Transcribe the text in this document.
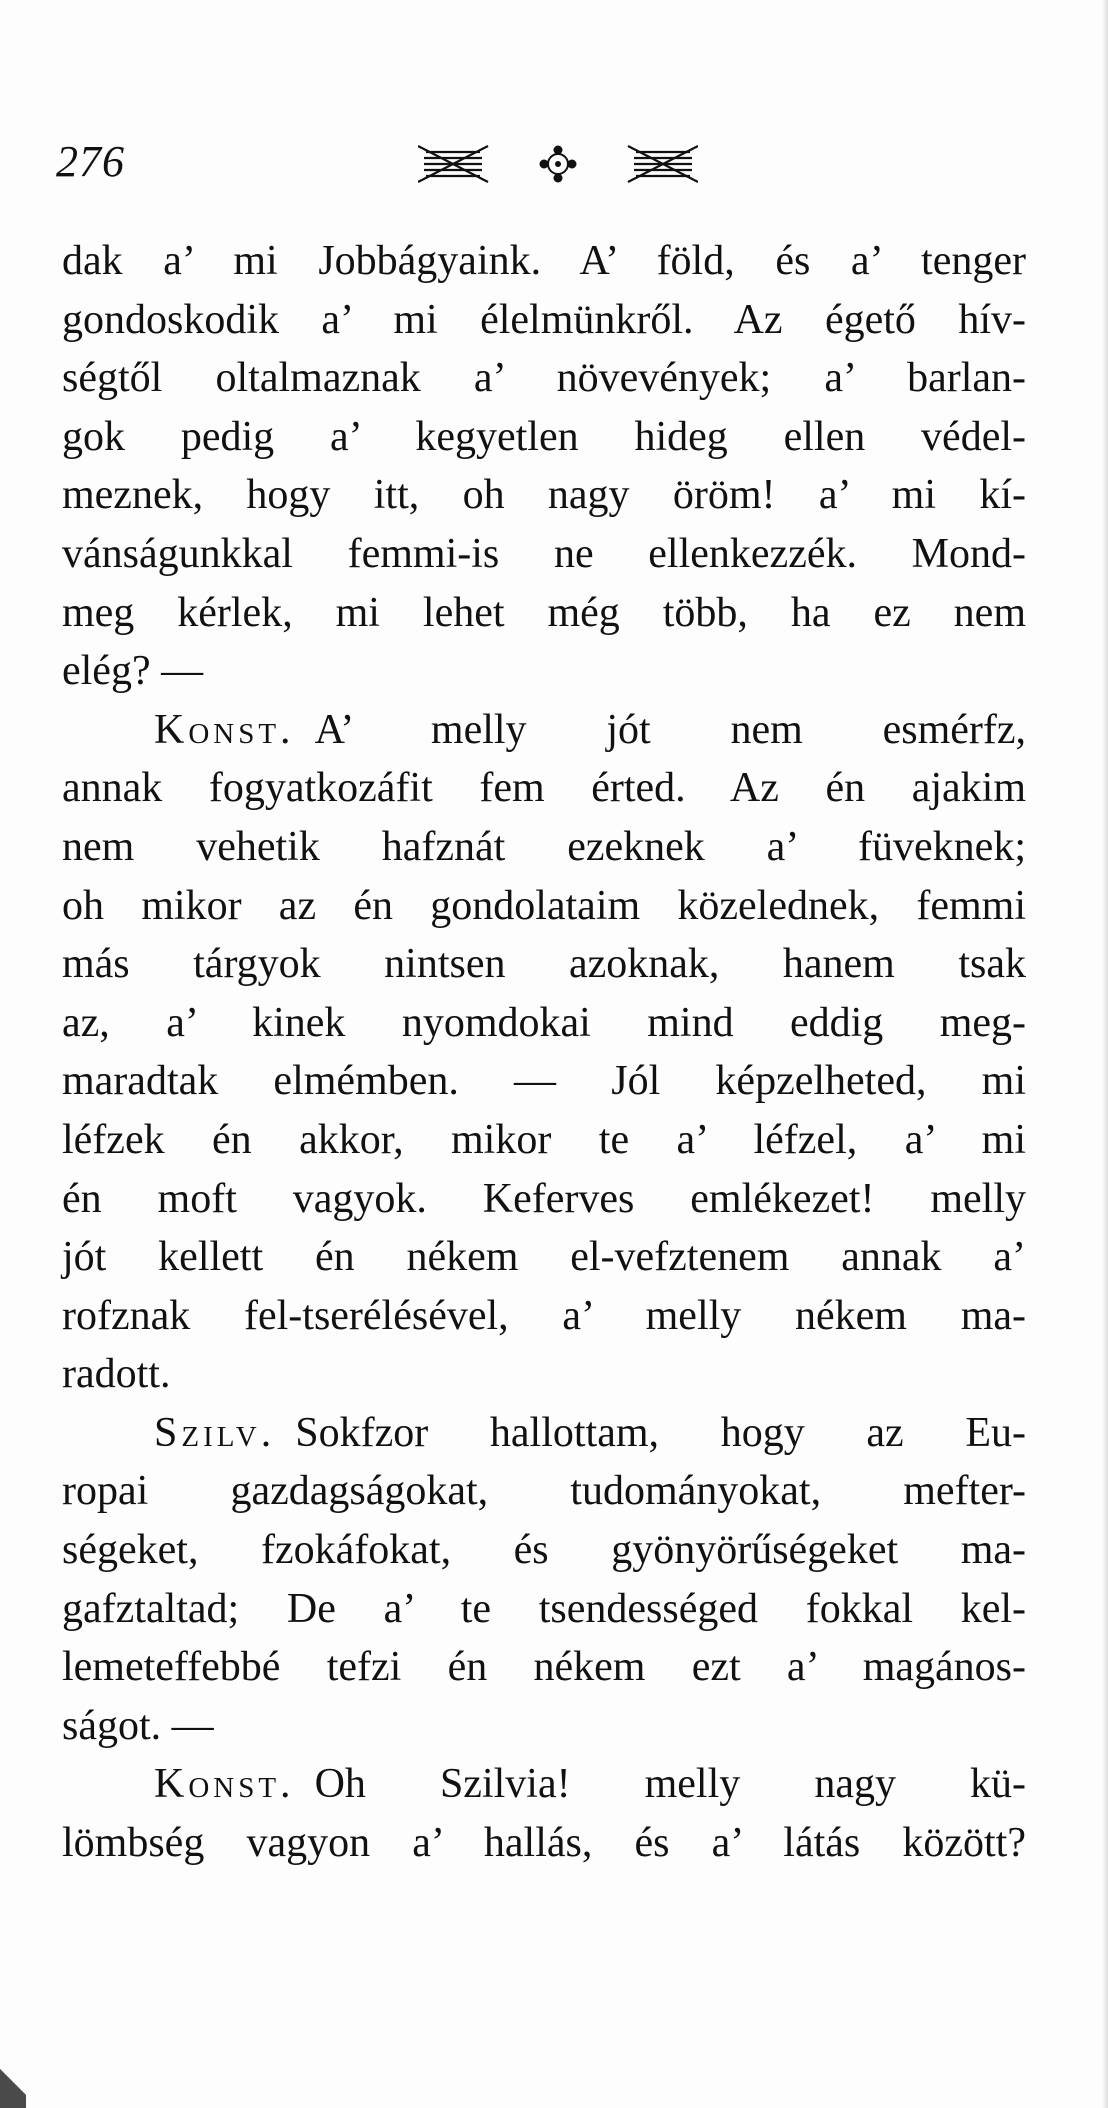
276
dak a’ mi Jobbágyaink. A’ föld, és a’ tenger
gondoskodik a’ mi élelmünkről. Az égető hív-
ségtől oltalmaznak a’ növevények; a’ barlan-
gok pedig a’ kegyetlen hideg ellen védel-
meznek, hogy itt, oh nagy öröm! a’ mi kí-
vánságunkkal femmi-is ne ellenkezzék. Mond-
meg kérlek, mi lehet még több, ha ez nem
elég? —
Konst. A’ melly jót nem esmérfz,
annak fogyatkozáfit fem érted. Az én ajakim
nem vehetik hafznát ezeknek a’ füveknek;
oh mikor az én gondolataim közelednek, femmi
más tárgyok nintsen azoknak, hanem tsak
az, a’ kinek nyomdokai mind eddig meg-
maradtak elmémben. — Jól képzelheted, mi
léfzek én akkor, mikor te a’ léfzel, a’ mi
én moft vagyok. Keferves emlékezet! melly
jót kellett én nékem el-vefztenem annak a’
rofznak fel-tserélésével, a’ melly nékem ma-
radott.
Szilv. Sokfzor hallottam, hogy az Eu-
ropai gazdagságokat, tudományokat, mefter-
ségeket, fzokáfokat, és gyönyörűségeket ma-
gafztaltad; De a’ te tsendességed fokkal kel-
lemeteffebbé tefzi én nékem ezt a’ magános-
ságot. —
Konst. Oh Szilvia! melly nagy kü-
lömbség vagyon a’ hallás, és a’ látás között?
